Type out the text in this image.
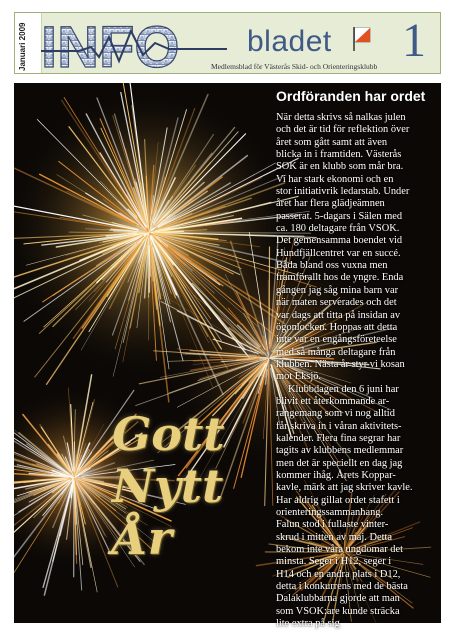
Januari 2009 INFO bladet 1
Medlemsblad för Västerås Skid- och Orienteringsklubb
Gott
Nytt
År
Ordföranden har ordet
När detta skrivs så nalkas julen
och det är tid för reflektion över
året som gått samt att även
blicka in i framtiden. Västerås
SOK är en klubb som mår bra.
Vi har stark ekonomi och en
stor initiativrik ledarstab. Under
året har flera glädjeämnen
passerat. 5-dagars i Sälen med
ca. 180 deltagare från VSOK.
Det gemensamma boendet vid
Hundfjällcentret var en succé.
Båda bland oss vuxna men
framförallt hos de yngre. Enda
gången jag såg mina barn var
när maten serverades och det
var dags att titta på insidan av
ögonlocken. Hoppas att detta
inte var en engångsföreteelse
med så många deltagare från
klubben. Nästa år styr vi kosan
mot Eksjö.
Klubbdagen den 6 juni har
blivit ett återkommande ar-
rangemang som vi nog alltid
får skriva in i våran aktivitets-
kalender. Flera fina segrar har
tagits av klubbens medlemmar
men det är speciellt en dag jag
kommer ihåg. Årets Koppar-
kavle, märk att jag skriver kavle.
Har aldrig gillat ordet stafett i
orienteringssammanhang.
Falun stod i fullaste vinter-
skrud i mitten av maj. Detta
bekom inte våra ungdomar det
minsta. Seger i H12, seger i
H14 och en andra plats i D12,
detta i konkurrens med de bästa
Dalaklubbarna gjorde att man
som VSOK:are kunde sträcka
lite extra på sig
